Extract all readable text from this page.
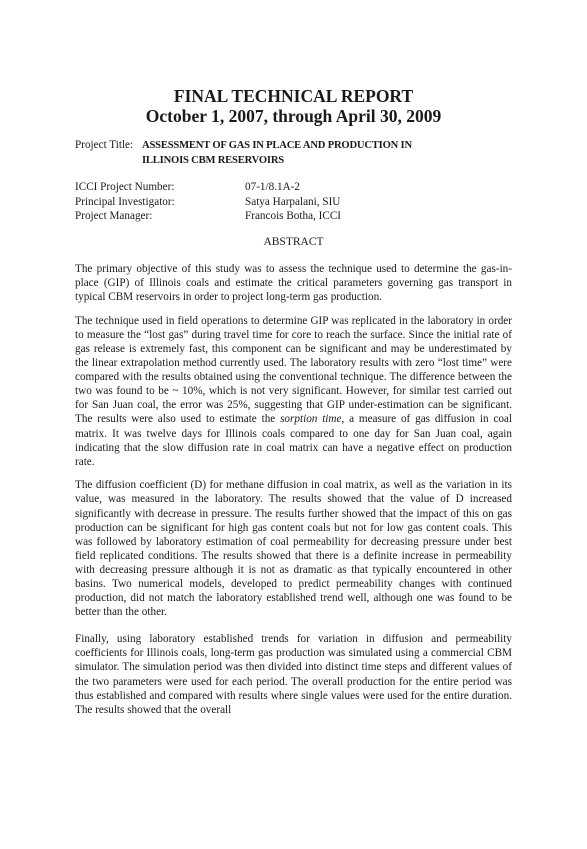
FINAL TECHNICAL REPORT
October 1, 2007, through April 30, 2009
Project Title: ASSESSMENT OF GAS IN PLACE AND PRODUCTION IN
ILLINOIS CBM RESERVOIRS
ICCI Project Number:	07-1/8.1A-2
Principal Investigator:	Satya Harpalani, SIU
Project Manager:	Francois Botha, ICCI
ABSTRACT

The primary objective of this study was to assess the technique used to determine the gas-in-place (GIP) of Illinois coals and estimate the critical parameters governing gas transport in typical CBM reservoirs in order to project long-term gas production.

The technique used in field operations to determine GIP was replicated in the laboratory in order to measure the “lost gas” during travel time for core to reach the surface. Since the initial rate of gas release is extremely fast, this component can be significant and may be underestimated by the linear extrapolation method currently used. The laboratory results with zero “lost time” were compared with the results obtained using the conventional technique. The difference between the two was found to be ~ 10%, which is not very significant. However, for similar test carried out for San Juan coal, the error was 25%, suggesting that GIP under-estimation can be significant. The results were also used to estimate the sorption time, a measure of gas diffusion in coal matrix. It was twelve days for Illinois coals compared to one day for San Juan coal, again indicating that the slow diffusion rate in coal matrix can have a negative effect on production rate.

The diffusion coefficient (D) for methane diffusion in coal matrix, as well as the variation in its value, was measured in the laboratory. The results showed that the value of D increased significantly with decrease in pressure. The results further showed that the impact of this on gas production can be significant for high gas content coals but not for low gas content coals. This was followed by laboratory estimation of coal permeability for decreasing pressure under best field replicated conditions. The results showed that there is a definite increase in permeability with decreasing pressure although it is not as dramatic as that typically encountered in other basins. Two numerical models, developed to predict permeability changes with continued production, did not match the laboratory established trend well, although one was found to be better than the other.

Finally, using laboratory established trends for variation in diffusion and permeability coefficients for Illinois coals, long-term gas production was simulated using a commercial CBM simulator. The simulation period was then divided into distinct time steps and different values of the two parameters were used for each period. The overall production for the entire period was thus established and compared with results where single values were used for the entire duration. The results showed that the overall
